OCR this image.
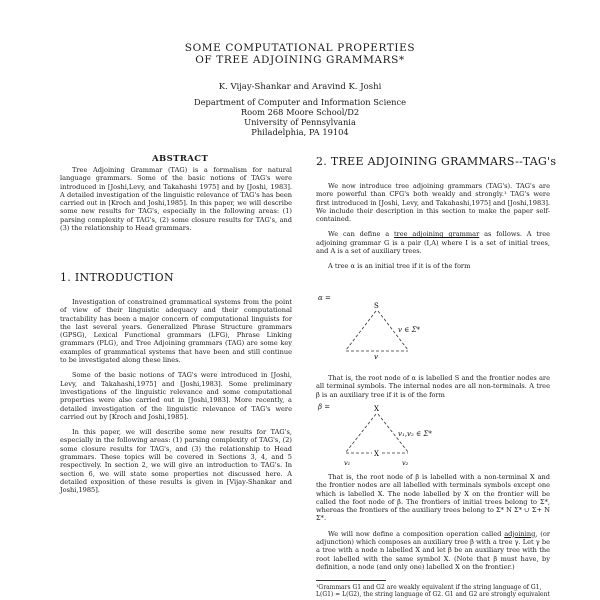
SOME COMPUTATIONAL PROPERTIES
OF TREE ADJOINING GRAMMARS*
K. Vijay-Shankar and Aravind K. Joshi
Department of Computer and Information Science
Room 268 Moore School/D2
University of Pennsylvania
Philadelphia, PA 19104
ABSTRACT

Tree Adjoining Grammar (TAG) is a formalism for natural language grammars. Some of the basic notions of TAG's were introduced in [Joshi,Levy, and Takahashi 1975] and by [Joshi, 1983]. A detailed investigation of the linguistic relevance of TAG's has been carried out in [Kroch and Joshi,1985]. In this paper, we will describe some new results for TAG's, especially in the following areas: (1) parsing complexity of TAG's, (2) some closure results for TAG's, and (3) the relationship to Head grammars.

1. INTRODUCTION

Investigation of constrained grammatical systems from the point of view of their linguistic adequacy and their computational tractability has been a major concern of computational linguists for the last several years. Generalized Phrase Structure grammars (GPSG), Lexical Functional grammars (LFG), Phrase Linking grammars (PLG), and Tree Adjoining grammars (TAG) are some key examples of grammatical systems that have been and still continue to be investigated along these lines.

Some of the basic notions of TAG's were introduced in [Joshi, Levy, and Takahashi,1975] and [Joshi,1983]. Some preliminary investigations of the linguistic relevance and some computational properties were also carried out in [Joshi,1983]. More recently, a detailed investigation of the linguistic relevance of TAG's were carried out by [Kroch and Joshi,1985].

In this paper, we will describe some new results for TAG's, especially in the following areas: (1) parsing complexity of TAG's, (2) some closure results for TAG's, and (3) the relationship to Head grammars. These topics will be covered in Sections 3, 4, and 5 respectively. In section 2, we will give an introduction to TAG's. In section 6, we will state some properties not discussed here. A detailed exposition of these results is given in [Vijay-Shankar and Joshi,1985].

2. TREE ADJOINING GRAMMARS--TAG's

We now introduce tree adjoining grammars (TAG's). TAG's are more powerful than CFG's both weakly and strongly.¹ TAG's were first introduced in [Joshi, Levy, and Takahashi,1975] and [Joshi,1983]. We include their description in this section to make the paper self-contained.

We can define a tree adjoining grammar as follows. A tree adjoining grammar G is a pair (I,A) where I is a set of initial trees, and A is a set of auxiliary trees.

A tree α is an initial tree if it is of the form

α =
S
v
v ∈ Σ*

That is, the root node of α is labelled S and the frontier nodes are all terminal symbols. The internal nodes are all non-terminals. A tree β is an auxiliary tree if it is of the form

β =	X
X
v₁	v₂
v₁,v₂ ∈ Σ*

That is, the root node of β is labelled with a non-terminal X and the frontier nodes are all labelled with terminals symbols except one which is labelled X. The node labelled by X on the frontier will be called the foot node of β. The frontiers of initial trees belong to Σ*, whereas the frontiers of the auxiliary trees belong to Σ* N Σ* ∪ Σ+ N Σ*.

We will now define a composition operation called adjoining, (or adjunction) which composes an auxiliary tree β with a tree γ. Let γ be a tree with a node n labelled X and let β be an auxiliary tree with the root labelled with the same symbol X. (Note that β must have, by definition, a node (and only one) labelled X on the frontier.)

¹Grammars G1 and G2 are weakly equivalent if the string language of G1, L(G1) = L(G2), the string language of G2. G1 and G2 are strongly equivalent
